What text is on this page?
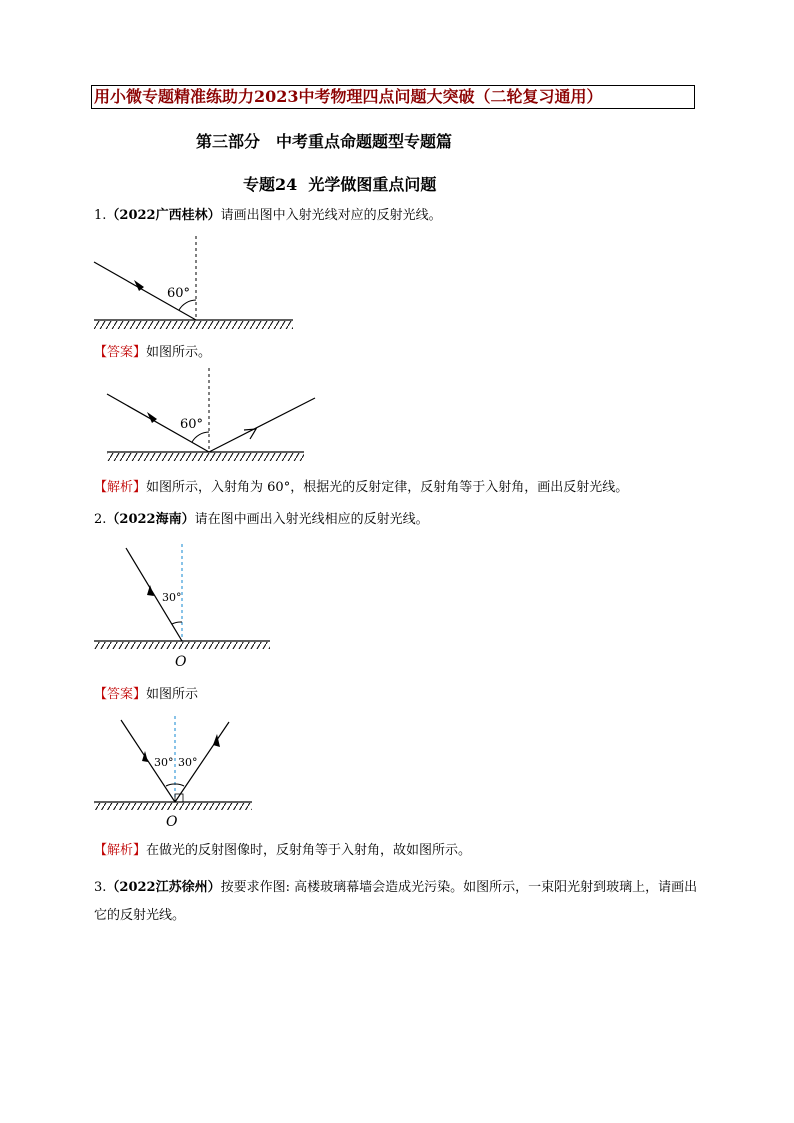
用小微专题精准练助力2023中考物理四点问题大突破（二轮复习通用）
第三部分　中考重点命题题型专题篇
专题24  光学做图重点问题
1.（2022广西桂林）请画出图中入射光线对应的反射光线。
60°
【答案】如图所示。
60°
【解析】如图所示，入射角为 60°，根据光的反射定律，反射角等于入射角，画出反射光线。
2.（2022海南）请在图中画出入射光线相应的反射光线。
30°
O
【答案】如图所示
30° 30°
O
【解析】在做光的反射图像时，反射角等于入射角，故如图所示。
3.（2022江苏徐州）按要求作图: 高楼玻璃幕墙会造成光污染。如图所示，一束阳光射到玻璃上，请画出它的反射光线。
